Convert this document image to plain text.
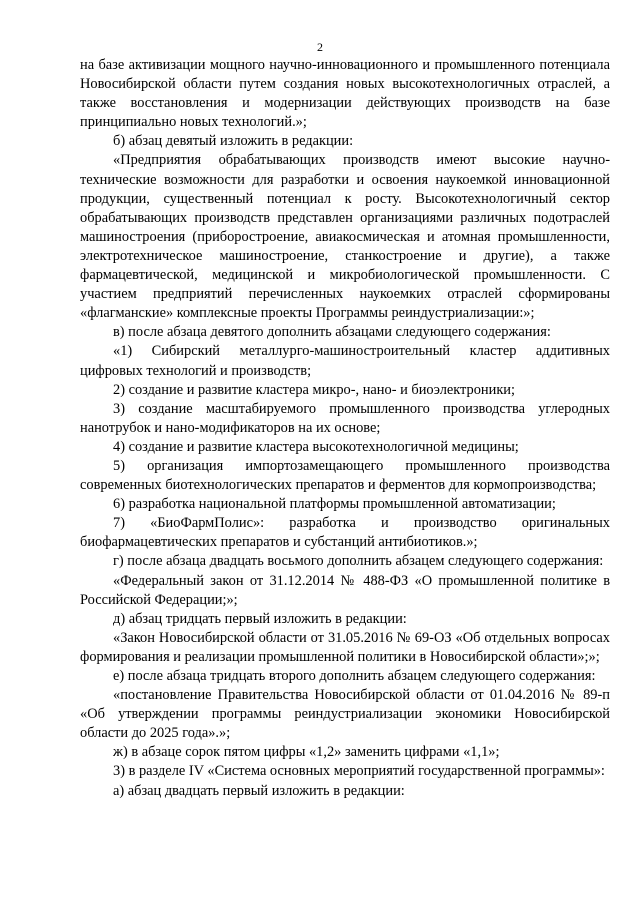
2

на базе активизации мощного научно-инновационного и промышленного потенциала Новосибирской области путем создания новых высокотехнологичных отраслей, а также восстановления и модернизации действующих производств на базе принципиально новых технологий.»;

б) абзац девятый изложить в редакции:

«Предприятия обрабатывающих производств имеют высокие научно-технические возможности для разработки и освоения наукоемкой инновационной продукции, существенный потенциал к росту. Высокотехнологичный сектор обрабатывающих производств представлен организациями различных подотраслей машиностроения (приборостроение, авиакосмическая и атомная промышленности, электротехническое машиностроение, станкостроение и другие), а также фармацевтической, медицинской и микробиологической промышленности. С участием предприятий перечисленных наукоемких отраслей сформированы «флагманские» комплексные проекты Программы реиндустриализации:»;

в) после абзаца девятого дополнить абзацами следующего содержания:

«1) Сибирский металлурго-машиностроительный кластер аддитивных цифровых технологий и производств;

2) создание и развитие кластера микро-, нано- и биоэлектроники;

3) создание масштабируемого промышленного производства углеродных нанотрубок и нано-модификаторов на их основе;

4) создание и развитие кластера высокотехнологичной медицины;

5) организация импортозамещающего промышленного производства современных биотехнологических препаратов и ферментов для кормопроизводства;

6) разработка национальной платформы промышленной автоматизации;

7) «БиоФармПолис»: разработка и производство оригинальных биофармацевтических препаратов и субстанций антибиотиков.»;

г) после абзаца двадцать восьмого дополнить абзацем следующего содержания:

«Федеральный закон от 31.12.2014 № 488-ФЗ «О промышленной политике в Российской Федерации;»;

д) абзац тридцать первый изложить в редакции:

«Закон Новосибирской области от 31.05.2016 № 69-ОЗ «Об отдельных вопросах формирования и реализации промышленной политики в Новосибирской области»;»;

е) после абзаца тридцать второго дополнить абзацем следующего содержания:

«постановление Правительства Новосибирской области от 01.04.2016 № 89-п «Об утверждении программы реиндустриализации экономики Новосибирской области до 2025 года».»;

ж) в абзаце сорок пятом цифры «1,2» заменить цифрами «1,1»;

3) в разделе IV «Система основных мероприятий государственной программы»:

а) абзац двадцать первый изложить в редакции:
